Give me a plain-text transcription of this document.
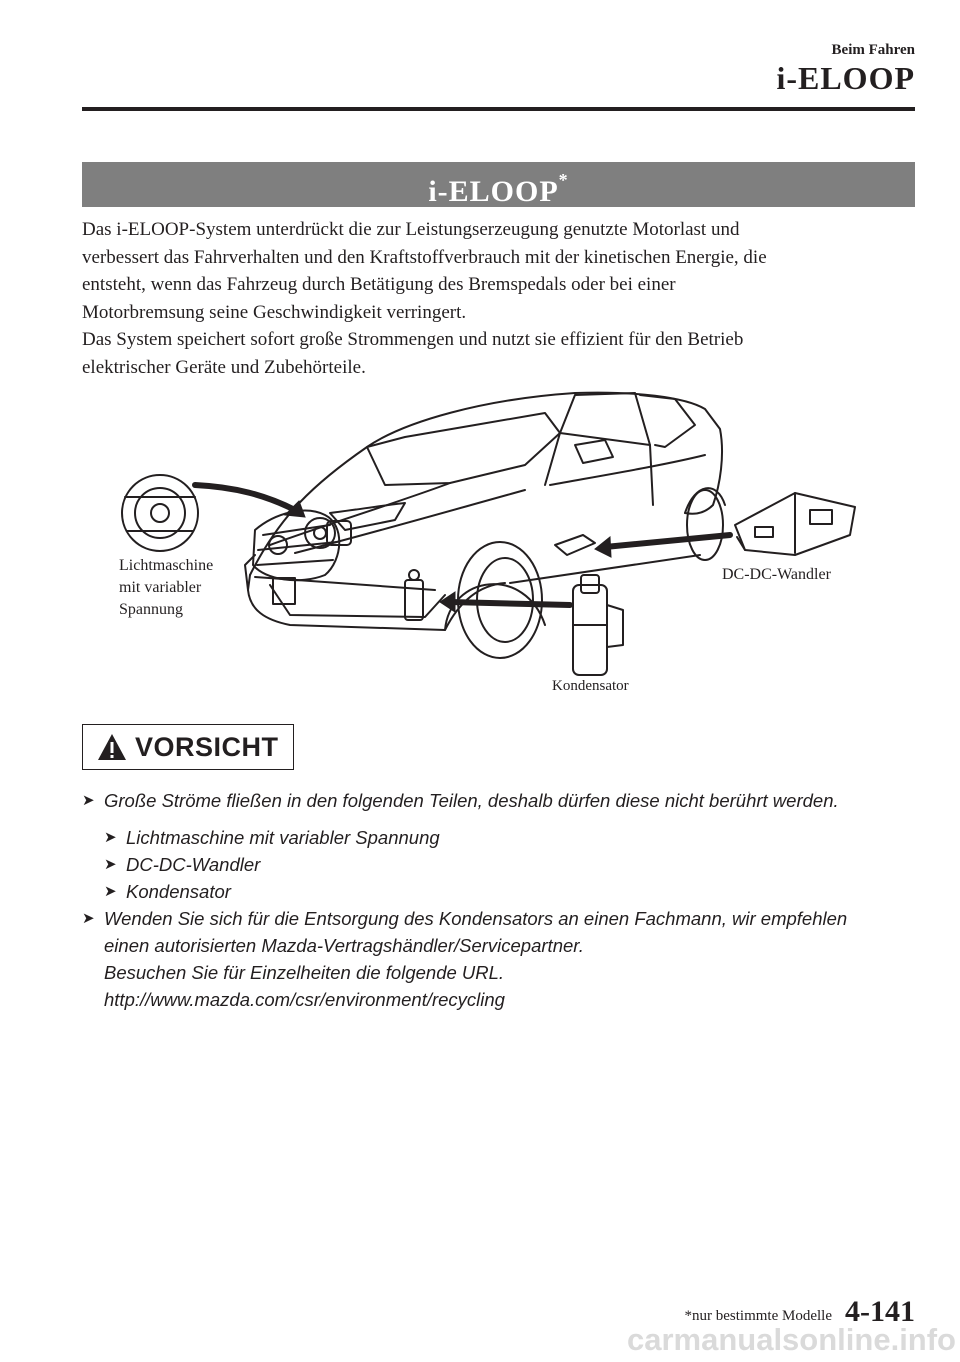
Beim Fahren
i-ELOOP
i-ELOOP*

Das i-ELOOP-System unterdrückt die zur Leistungserzeugung genutzte Motorlast und

verbessert das Fahrverhalten und den Kraftstoffverbrauch mit der kinetischen Energie, die

entsteht, wenn das Fahrzeug durch Betätigung des Bremspedals oder bei einer

Motorbremsung seine Geschwindigkeit verringert.

Das System speichert sofort große Strommengen und nutzt sie effizient für den Betrieb

elektrischer Geräte und Zubehörteile.

Lichtmaschine
mit variabler
Spannung
DC-DC-Wandler
Kondensator
VORSICHT
➤ Große Ströme fließen in den folgenden Teilen, deshalb dürfen diese nicht berührt werden.
➤ Lichtmaschine mit variabler Spannung
➤ DC-DC-Wandler
➤ Kondensator
➤ Wenden Sie sich für die Entsorgung des Kondensators an einen Fachmann, wir empfehlen
einen autorisierten Mazda-Vertragshändler/Servicepartner.
Besuchen Sie für Einzelheiten die folgende URL.
http://www.mazda.com/csr/environment/recycling
*nur bestimmte Modelle 4-141
carmanualsonline.info
